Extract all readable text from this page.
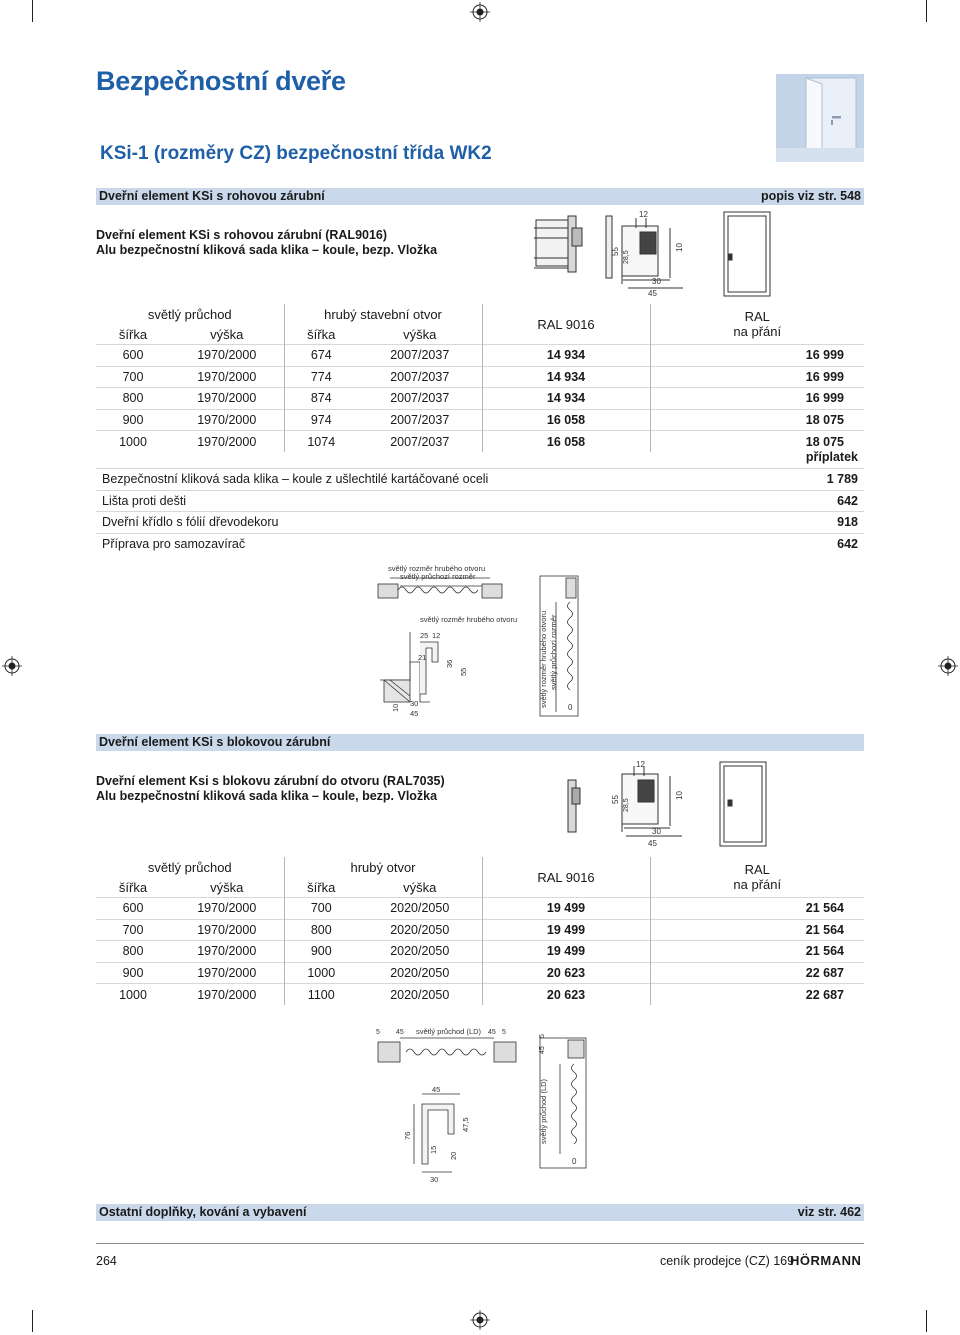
Bezpečnostní dveře
KSi-1 (rozměry CZ) bezpečnostní třída WK2
Dveřní element KSi s rohovou zárubní	popis viz str. 548
Dveřní element KSi s rohovou zárubní (RAL9016)
Alu bezpečnostní kliková sada klika – koule, bezp. Vložka
12
55 28,5
10
30
45
světlý průchod		hrubý stavební otvor		RAL 9016	RAL
na přání

šířka	výška	šířka	výška		
600	1970/2000	674	2007/2037	14 934	16 999
700	1970/2000	774	2007/2037	14 934	16 999
800	1970/2000	874	2007/2037	14 934	16 999
900	1970/2000	974	2007/2037	16 058	18 075
1000	1970/2000	1074	2007/2037	16 058	18 075
příplatek
Bezpečnostní kliková sada klika – koule z ušlechtilé kartáčované oceli	1 789
Lišta proti dešti	642
Dveřní křídlo s fólií dřevodekoru	918
Příprava pro samozavírač	642
světlý rozměr hrubého otvoru
světlý průchozí rozměr
světlý rozměr hrubého otvoru
25 12
21
36
55
10 30
45
světlý rozměr hrubého otvoru světlý průchozí rozměr
0
Dveřní element KSi s blokovou zárubní
Dveřní element Ksi s blokovu zárubní do otvoru (RAL7035)
Alu bezpečnostní kliková sada klika – koule, bezp. Vložka
12
55 28,5
10
30
45
světlý průchod		hrubý otvor		RAL 9016	RAL
na přání

šířka	výška	šířka	výška		
600	1970/2000	700	2020/2050	19 499	21 564
700	1970/2000	800	2020/2050	19 499	21 564
800	1970/2000	900	2020/2050	19 499	21 564
900	1970/2000	1000	2020/2050	20 623	22 687
1000	1970/2000	1100	2020/2050	20 623	22 687
5 45 světlý průchod (LD) 45 5
45
5
45
76
15
20
47,5
30
světlý průchod (LD)
0
Ostatní doplňky, kování a vybavení	viz str. 462
264	ceník prodejce (CZ) 169
HÖRMANN
